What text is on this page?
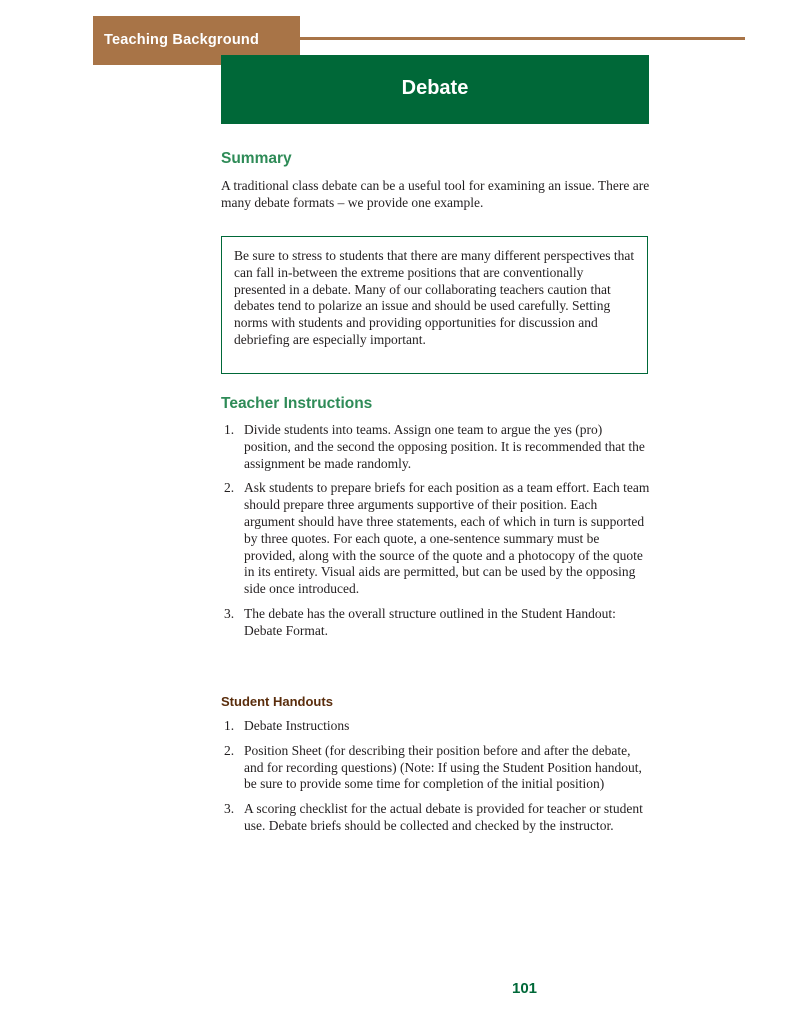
Teaching Background
Debate
Summary

A traditional class debate can be a useful tool for examining an issue. There are many debate formats – we provide one example.

Be sure to stress to students that there are many different perspectives that can fall in-between the extreme positions that are conventionally presented in a debate. Many of our collaborating teachers caution that debates tend to polarize an issue and should be used carefully. Setting norms with students and providing opportunities for discussion and debriefing are especially important.
Teacher Instructions
1. Divide students into teams. Assign one team to argue the yes (pro) position, and the second the opposing position. It is recommended that the assignment be made randomly.
2. Ask students to prepare briefs for each position as a team effort. Each team should prepare three arguments supportive of their position. Each argument should have three statements, each of which in turn is supported by three quotes. For each quote, a one-sentence summary must be provided, along with the source of the quote and a photocopy of the quote in its entirety. Visual aids are permitted, but can be used by the opposing side once introduced.
3. The debate has the overall structure outlined in the Student Handout: Debate Format.
Student Handouts
1. Debate Instructions
2. Position Sheet (for describing their position before and after the debate, and for recording questions) (Note: If using the Student Position handout, be sure to provide some time for completion of the initial position)
3. A scoring checklist for the actual debate is provided for teacher or student use. Debate briefs should be collected and checked by the instructor.
101
